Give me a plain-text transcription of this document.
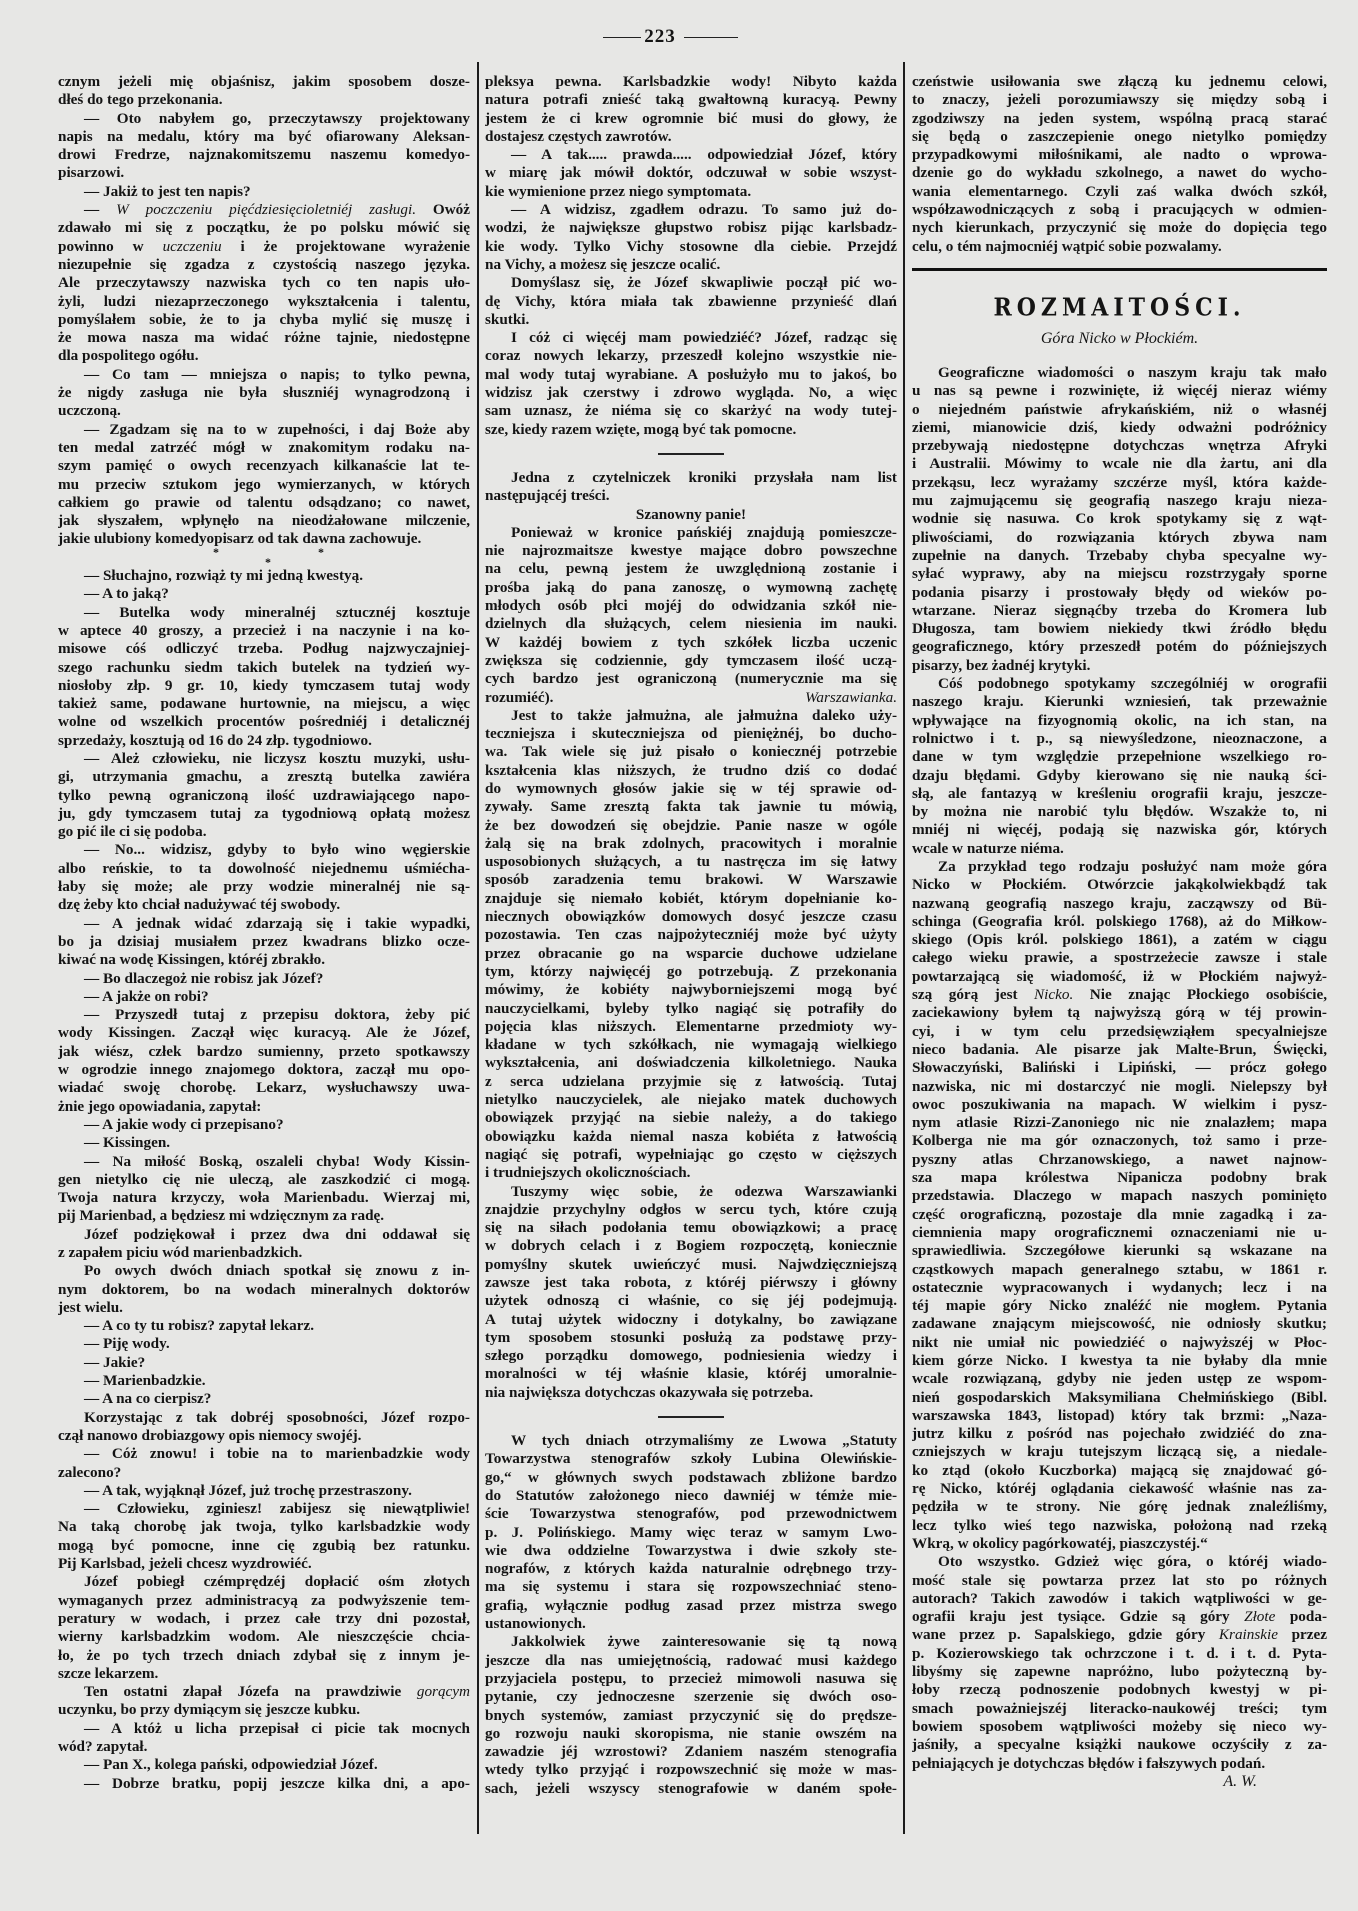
223
cznym jeżeli mię objaśnisz, jakim sposobem dosze-
dłeś do tego przekonania.
— Oto nabyłem go, przeczytawszy projektowany
napis na medalu, który ma być ofiarowany Aleksan-
drowi Fredrze, najznakomitszemu naszemu komedyo-
pisarzowi.
— Jakiż to jest ten napis?
— W poczczeniu pięćdziesięcioletniéj zasługi. Owóż
zdawało mi się z początku, że po polsku mówić się
powinno w uczczeniu i że projektowane wyrażenie
niezupełnie się zgadza z czystością naszego języka.
Ale przeczytawszy nazwiska tych co ten napis uło-
żyli, ludzi niezaprzeczonego wykształcenia i talentu,
pomyślałem sobie, że to ja chyba mylić się muszę i
że mowa nasza ma widać różne tajnie, niedostępne
dla pospolitego ogółu.
— Co tam — mniejsza o napis; to tylko pewna,
że nigdy zasługa nie była słuszniéj wynagrodzoną i
uczczoną.
— Zgadzam się na to w zupełności, i daj Boże aby
ten medal zatrzéć mógł w znakomitym rodaku na-
szym pamięć o owych recenzyach kilkanaście lat te-
mu przeciw sztukom jego wymierzanych, w których
całkiem go prawie od talentu odsądzano; co nawet,
jak słyszałem, wpłynęło na nieodżałowane milczenie,
jakie ulubiony komedyopisarz od tak dawna zachowuje.
*	*
*
— Słuchajno, rozwiąż ty mi jedną kwestyą.
— A to jaką?
— Butelka wody mineralnéj sztucznéj kosztuje
w aptece 40 groszy, a przecież i na naczynie i na ko-
misowe cóś odliczyć trzeba. Podług najzwyczajniej-
szego rachunku siedm takich butelek na tydzień wy-
niosłoby złp. 9 gr. 10, kiedy tymczasem tutaj wody
takież same, podawane hurtownie, na miejscu, a więc
wolne od wszelkich procentów pośredniéj i detalicznéj
sprzedaży, kosztują od 16 do 24 złp. tygodniowo.
— Ależ człowieku, nie liczysz kosztu muzyki, usłu-
gi, utrzymania gmachu, a zresztą butelka zawiéra
tylko pewną ograniczoną ilość uzdrawiającego napo-
ju, gdy tymczasem tutaj za tygodniową opłatą możesz
go pić ile ci się podoba.
— No... widzisz, gdyby to było wino węgierskie
albo reńskie, to ta dowolność niejednemu uśmiécha-
łaby się może; ale przy wodzie mineralnéj nie są-
dzę żeby kto chciał nadużywać téj swobody.
— A jednak widać zdarzają się i takie wypadki,
bo ja dzisiaj musiałem przez kwadrans blizko ocze-
kiwać na wodę Kissingen, któréj zbrakło.
— Bo dlaczegoż nie robisz jak Józef?
— A jakże on robi?
— Przyszedł tutaj z przepisu doktora, żeby pić
wody Kissingen. Zaczął więc kuracyą. Ale że Józef,
jak wiész, człek bardzo sumienny, przeto spotkawszy
w ogrodzie innego znajomego doktora, zaczął mu opo-
wiadać swoję chorobę. Lekarz, wysłuchawszy uwa-
żnie jego opowiadania, zapytał:
— A jakie wody ci przepisano?
— Kissingen.
— Na miłość Boską, oszaleli chyba! Wody Kissin-
gen nietylko cię nie uleczą, ale zaszkodzić ci mogą.
Twoja natura krzyczy, woła Marienbadu. Wierzaj mi,
pij Marienbad, a będziesz mi wdzięcznym za radę.
Józef podziękował i przez dwa dni oddawał się
z zapałem piciu wód marienbadzkich.
Po owych dwóch dniach spotkał się znowu z in-
nym doktorem, bo na wodach mineralnych doktorów
jest wielu.
— A co ty tu robisz? zapytał lekarz.
— Piję wody.
— Jakie?
— Marienbadzkie.
— A na co cierpisz?
Korzystając z tak dobréj sposobności, Józef rozpo-
czął nanowo drobiazgowy opis niemocy swojéj.
— Cóż znowu! i tobie na to marienbadzkie wody
zalecono?
— A tak, wyjąknął Józef, już trochę przestraszony.
— Człowieku, zginiesz! zabijesz się niewątpliwie!
Na taką chorobę jak twoja, tylko karlsbadzkie wody
mogą być pomocne, inne cię zgubią bez ratunku.
Pij Karlsbad, jeżeli chcesz wyzdrowiéć.
Józef pobiegł czémprędzéj dopłacić ośm złotych
wymaganych przez administracyą za podwyższenie tem-
peratury w wodach, i przez całe trzy dni pozostał,
wierny karlsbadzkim wodom. Ale nieszczęście chcia-
ło, że po tych trzech dniach zdybał się z innym je-
szcze lekarzem.
Ten ostatni złapał Józefa na prawdziwie gorącym
uczynku, bo przy dymiącym się jeszcze kubku.
— A któż u licha przepisał ci picie tak mocnych
wód? zapytał.
— Pan X., kolega pański, odpowiedział Józef.
— Dobrze bratku, popij jeszcze kilka dni, a apo-
pleksya pewna. Karlsbadzkie wody! Nibyto każda
natura potrafi znieść taką gwałtowną kuracyą. Pewny
jestem że ci krew ogromnie bić musi do głowy, że
dostajesz częstych zawrotów.
— A tak..... prawda..... odpowiedział Józef, który
w miarę jak mówił doktór, odczuwał w sobie wszyst-
kie wymienione przez niego symptomata.
— A widzisz, zgadłem odrazu. To samo już do-
wodzi, że największe głupstwo robisz pijąc karlsbadz-
kie wody. Tylko Vichy stosowne dla ciebie. Przejdź
na Vichy, a możesz się jeszcze ocalić.
Domyślasz się, że Józef skwapliwie począł pić wo-
dę Vichy, która miała tak zbawienne przynieść dlań
skutki.
I cóż ci więcéj mam powiedziéć? Józef, radząc się
coraz nowych lekarzy, przeszedł kolejno wszystkie nie-
mal wody tutaj wyrabiane. A posłużyło mu to jakoś, bo
widzisz jak czerstwy i zdrowo wygląda. No, a więc
sam uznasz, że niéma się co skarżyć na wody tutej-
sze, kiedy razem wzięte, mogą być tak pomocne.
Jedna z czytelniczek kroniki przysłała nam list
następującéj treści.
Szanowny panie!
Ponieważ w kronice pańskiéj znajdują pomieszcze-
nie najrozmaitsze kwestye mające dobro powszechne
na celu, pewną jestem że uwzględnioną zostanie i
prośba jaką do pana zanoszę, o wymowną zachętę
młodych osób płci mojéj do odwidzania szkół nie-
dzielnych dla służących, celem niesienia im nauki.
W każdéj bowiem z tych szkółek liczba uczenic
zwiększa się codziennie, gdy tymczasem ilość uczą-
cych bardzo jest ograniczoną (numerycznie ma się
rozumiéć). Warszawianka.
Jest to także jałmużna, ale jałmużna daleko uży-
teczniejsza i skuteczniejsza od pieniężnéj, bo ducho-
wa. Tak wiele się już pisało o koniecznéj potrzebie
kształcenia klas niższych, że trudno dziś co dodać
do wymownych głosów jakie się w téj sprawie od-
zywały. Same zresztą fakta tak jawnie tu mówią,
że bez dowodzeń się obejdzie. Panie nasze w ogóle
żalą się na brak zdolnych, pracowitych i moralnie
usposobionych służących, a tu nastręcza im się łatwy
sposób zaradzenia temu brakowi. W Warszawie
znajduje się niemało kobiét, którym dopełnianie ko-
niecznych obowiązków domowych dosyć jeszcze czasu
pozostawia. Ten czas najpożyteczniéj może być użyty
przez obracanie go na wsparcie duchowe udzielane
tym, którzy najwięcéj go potrzebują. Z przekonania
mówimy, że kobiéty najwyborniejszemi mogą być
nauczycielkami, byleby tylko nagiąć się potrafiły do
pojęcia klas niższych. Elementarne przedmioty wy-
kładane w tych szkółkach, nie wymagają wielkiego
wykształcenia, ani doświadczenia kilkoletniego. Nauka
z serca udzielana przyjmie się z łatwością. Tutaj
nietylko nauczycielek, ale niejako matek duchowych
obowiązek przyjąć na siebie należy, a do takiego
obowiązku każda niemal nasza kobiéta z łatwością
nagiąć się potrafi, wypełniając go często w cięższych
i trudniejszych okolicznościach.
Tuszymy więc sobie, że odezwa Warszawianki
znajdzie przychylny odgłos w sercu tych, które czują
się na siłach podołania temu obowiązkowi; a pracę
w dobrych celach i z Bogiem rozpoczętą, koniecznie
pomyślny skutek uwieńczyć musi. Najwdzięczniejszą
zawsze jest taka robota, z któréj piérwszy i główny
użytek odnoszą ci właśnie, co się jéj podejmują.
A tutaj użytek widoczny i dotykalny, bo zawiązane
tym sposobem stosunki posłużą za podstawę przy-
szłego porządku domowego, podniesienia wiedzy i
moralności w téj właśnie klasie, któréj umoralnie-
nia największa dotychczas okazywała się potrzeba.
W tych dniach otrzymaliśmy ze Lwowa „Statuty
Towarzystwa stenografów szkoły Lubina Olewińskie-
go,“ w głównych swych podstawach zbliżone bardzo
do Statutów założonego nieco dawniéj w témże mie-
ście Towarzystwa stenografów, pod przewodnictwem
p. J. Polińskiego. Mamy więc teraz w samym Lwo-
wie dwa oddzielne Towarzystwa i dwie szkoły ste-
nografów, z których każda naturalnie odrębnego trzy-
ma się systemu i stara się rozpowszechniać steno-
grafią, wyłącznie podług zasad przez mistrza swego
ustanowionych.
Jakkolwiek żywe zainteresowanie się tą nową
jeszcze dla nas umiejętnością, radować musi każdego
przyjaciela postępu, to przecież mimowoli nasuwa się
pytanie, czy jednoczesne szerzenie się dwóch oso-
bnych systemów, zamiast przyczynić się do prędsze-
go rozwoju nauki skoropisma, nie stanie owszém na
zawadzie jéj wzrostowi? Zdaniem naszém stenografia
wtedy tylko przyjąć i rozpowszechnić się może w mas-
sach, jeżeli wszyscy stenografowie w daném społe-
czeństwie usiłowania swe złączą ku jednemu celowi,
to znaczy, jeżeli porozumiawszy się między sobą i
zgodziwszy na jeden system, wspólną pracą starać
się będą o zaszczepienie onego nietylko pomiędzy
przypadkowymi miłośnikami, ale nadto o wprowa-
dzenie go do wykładu szkolnego, a nawet do wycho-
wania elementarnego. Czyli zaś walka dwóch szkół,
współzawodniczących z sobą i pracujących w odmien-
nych kierunkach, przyczynić się może do dopięcia tego
celu, o tém najmocniéj wątpić sobie pozwalamy.
ROZMAITOŚCI.
Góra Nicko w Płockiém.
Geograficzne wiadomości o naszym kraju tak mało
u nas są pewne i rozwinięte, iż więcéj nieraz wiémy
o niejedném państwie afrykańskiém, niż o własnéj
ziemi, mianowicie dziś, kiedy odważni podróżnicy
przebywają niedostępne dotychczas wnętrza Afryki
i Australii. Mówimy to wcale nie dla żartu, ani dla
przekąsu, lecz wyrażamy szczérze myśl, która każde-
mu zajmującemu się geografią naszego kraju nieza-
wodnie się nasuwa. Co krok spotykamy się z wąt-
pliwościami, do rozwiązania których zbywa nam
zupełnie na danych. Trzebaby chyba specyalne wy-
syłać wyprawy, aby na miejscu rozstrzygały sporne
podania pisarzy i prostowały błędy od wieków po-
wtarzane. Nieraz sięgnąćby trzeba do Kromera lub
Długosza, tam bowiem niekiedy tkwi źródło błędu
geograficznego, który przeszedł potém do późniejszych
pisarzy, bez żadnéj krytyki.
Cóś podobnego spotykamy szczególniéj w orografii
naszego kraju. Kierunki wzniesień, tak przeważnie
wpływające na fizyognomią okolic, na ich stan, na
rolnictwo i t. p., są niewyśledzone, nieoznaczone, a
dane w tym względzie przepełnione wszelkiego ro-
dzaju błędami. Gdyby kierowano się nie nauką ści-
słą, ale fantazyą w kreśleniu orografii kraju, jeszcze-
by można nie narobić tylu błędów. Wszakże to, ni
mniéj ni więcéj, podają się nazwiska gór, których
wcale w naturze niéma.
Za przykład tego rodzaju posłużyć nam może góra
Nicko w Płockiém. Otwórzcie jakąkolwiekbądź tak
nazwaną geografią naszego kraju, zacząwszy od Bü-
schinga (Geografia król. polskiego 1768), aż do Miłkow-
skiego (Opis król. polskiego 1861), a zatém w ciągu
całego wieku prawie, a spostrzeżecie zawsze i stale
powtarzającą się wiadomość, iż w Płockiém najwyż-
szą górą jest Nicko. Nie znając Płockiego osobiście,
zaciekawiony byłem tą najwyższą górą w téj prowin-
cyi, i w tym celu przedsięwziąłem specyalniejsze
nieco badania. Ale pisarze jak Malte-Brun, Święcki,
Słowaczyński, Baliński i Lipiński, — prócz gołego
nazwiska, nic mi dostarczyć nie mogli. Nielepszy był
owoc poszukiwania na mapach. W wielkim i pysz-
nym atlasie Rizzi-Zanoniego nic nie znalazłem; mapa
Kolberga nie ma gór oznaczonych, toż samo i prze-
pyszny atlas Chrzanowskiego, a nawet najnow-
sza mapa królestwa Nipanicza podobny brak
przedstawia. Dlaczego w mapach naszych pominięto
część orograficzną, pozostaje dla mnie zagadką i za-
ciemnienia mapy orograficznemi oznaczeniami nie u-
sprawiedliwia. Szczegółowe kierunki są wskazane na
cząstkowych mapach generalnego sztabu, w 1861 r.
ostatecznie wypracowanych i wydanych; lecz i na
téj mapie góry Nicko znaléźć nie mogłem. Pytania
zadawane znającym miejscowość, nie odniosły skutku;
nikt nie umiał nic powiedziéć o najwyższéj w Płoc-
kiem górze Nicko. I kwestya ta nie byłaby dla mnie
wcale rozwiązaną, gdyby nie jeden ustęp ze wspom-
nień gospodarskich Maksymiliana Chełmińskiego (Bibl.
warszawska 1843, listopad) który tak brzmi: „Naza-
jutrz kilku z pośród nas pojechało zwidziéć do zna-
czniejszych w kraju tutejszym liczącą się, a niedale-
ko ztąd (około Kuczborka) mającą się znajdować gó-
rę Nicko, któréj oglądania ciekawość właśnie nas za-
pędziła w te strony. Nie górę jednak znaleźliśmy,
lecz tylko wieś tego nazwiska, położoną nad rzeką
Wkrą, w okolicy pagórkowatéj, piaszczystéj.“
Oto wszystko. Gdzież więc góra, o któréj wiado-
mość stale się powtarza przez lat sto po różnych
autorach? Takich zawodów i takich wątpliwości w ge-
ografii kraju jest tysiące. Gdzie są góry Złote poda-
wane przez p. Sapalskiego, gdzie góry Krainskie przez
p. Kozierowskiego tak ochrzczone i t. d. i t. d. Pyta-
libyśmy się zapewne napróżno, lubo pożyteczną by-
łoby rzeczą podnoszenie podobnych kwestyj w pi-
smach poważniejszéj literacko-naukowéj treści; tym
bowiem sposobem wątpliwości możeby się nieco wy-
jaśniły, a specyalne książki naukowe oczyściły z za-
pełniających je dotychczas błędów i fałszywych podań.
A. W.
